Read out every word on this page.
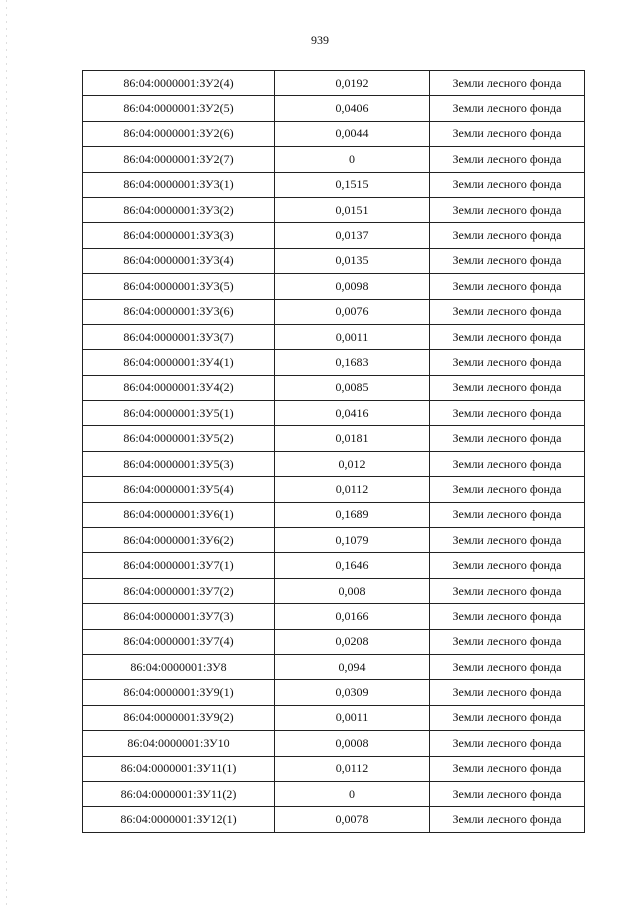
939
86:04:0000001:ЗУ2(4)	0,0192	Земли лесного фонда
86:04:0000001:ЗУ2(5)	0,0406	Земли лесного фонда
86:04:0000001:ЗУ2(6)	0,0044	Земли лесного фонда
86:04:0000001:ЗУ2(7)	0	Земли лесного фонда
86:04:0000001:ЗУ3(1)	0,1515	Земли лесного фонда
86:04:0000001:ЗУ3(2)	0,0151	Земли лесного фонда
86:04:0000001:ЗУ3(3)	0,0137	Земли лесного фонда
86:04:0000001:ЗУ3(4)	0,0135	Земли лесного фонда
86:04:0000001:ЗУ3(5)	0,0098	Земли лесного фонда
86:04:0000001:ЗУ3(6)	0,0076	Земли лесного фонда
86:04:0000001:ЗУ3(7)	0,0011	Земли лесного фонда
86:04:0000001:ЗУ4(1)	0,1683	Земли лесного фонда
86:04:0000001:ЗУ4(2)	0,0085	Земли лесного фонда
86:04:0000001:ЗУ5(1)	0,0416	Земли лесного фонда
86:04:0000001:ЗУ5(2)	0,0181	Земли лесного фонда
86:04:0000001:ЗУ5(3)	0,012	Земли лесного фонда
86:04:0000001:ЗУ5(4)	0,0112	Земли лесного фонда
86:04:0000001:ЗУ6(1)	0,1689	Земли лесного фонда
86:04:0000001:ЗУ6(2)	0,1079	Земли лесного фонда
86:04:0000001:ЗУ7(1)	0,1646	Земли лесного фонда
86:04:0000001:ЗУ7(2)	0,008	Земли лесного фонда
86:04:0000001:ЗУ7(3)	0,0166	Земли лесного фонда
86:04:0000001:ЗУ7(4)	0,0208	Земли лесного фонда
86:04:0000001:ЗУ8	0,094	Земли лесного фонда
86:04:0000001:ЗУ9(1)	0,0309	Земли лесного фонда
86:04:0000001:ЗУ9(2)	0,0011	Земли лесного фонда
86:04:0000001:ЗУ10	0,0008	Земли лесного фонда
86:04:0000001:ЗУ11(1)	0,0112	Земли лесного фонда
86:04:0000001:ЗУ11(2)	0	Земли лесного фонда
86:04:0000001:ЗУ12(1)	0,0078	Земли лесного фонда
